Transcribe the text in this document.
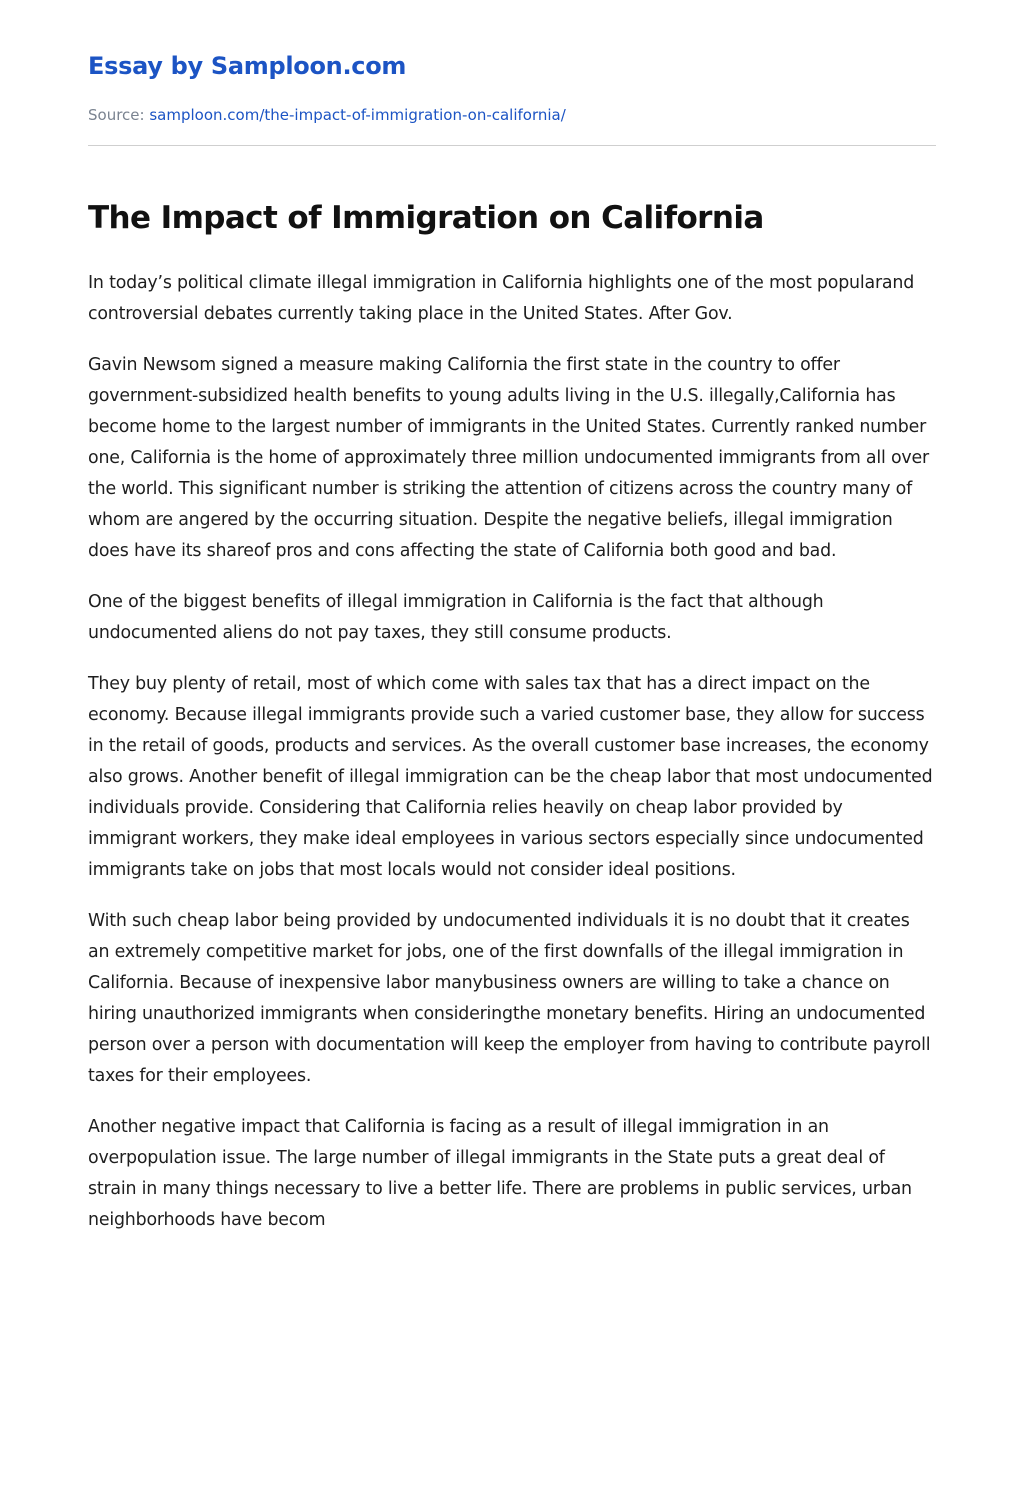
Essay by Samploon.com
Source: samploon.com/the-impact-of-immigration-on-california/
The Impact of Immigration on California

In today’s political climate illegal immigration in California highlights one of the most popularand controversial debates currently taking place in the United States. After Gov.

Gavin Newsom signed a measure making California the first state in the country to offer government-subsidized health benefits to young adults living in the U.S. illegally,California has become home to the largest number of immigrants in the United States. Currently ranked number one, California is the home of approximately three million undocumented immigrants from all over the world. This significant number is striking the attention of citizens across the country many of whom are angered by the occurring situation. Despite the negative beliefs, illegal immigration does have its shareof pros and cons affecting the state of California both good and bad.

One of the biggest benefits of illegal immigration in California is the fact that although undocumented aliens do not pay taxes, they still consume products.

They buy plenty of retail, most of which come with sales tax that has a direct impact on the economy. Because illegal immigrants provide such a varied customer base, they allow for success in the retail of goods, products and services. As the overall customer base increases, the economy also grows. Another benefit of illegal immigration can be the cheap labor that most undocumented individuals provide. Considering that California relies heavily on cheap labor provided by immigrant workers, they make ideal employees in various sectors especially since undocumented immigrants take on jobs that most locals would not consider ideal positions.

With such cheap labor being provided by undocumented individuals it is no doubt that it creates an extremely competitive market for jobs, one of the first downfalls of the illegal immigration in California. Because of inexpensive labor manybusiness owners are willing to take a chance on hiring unauthorized immigrants when consideringthe monetary benefits. Hiring an undocumented person over a person with documentation will keep the employer from having to contribute payroll taxes for their employees.

Another negative impact that California is facing as a result of illegal immigration in an overpopulation issue. The large number of illegal immigrants in the State puts a great deal of strain in many things necessary to live a better life. There are problems in public services, urban neighborhoods have becom
